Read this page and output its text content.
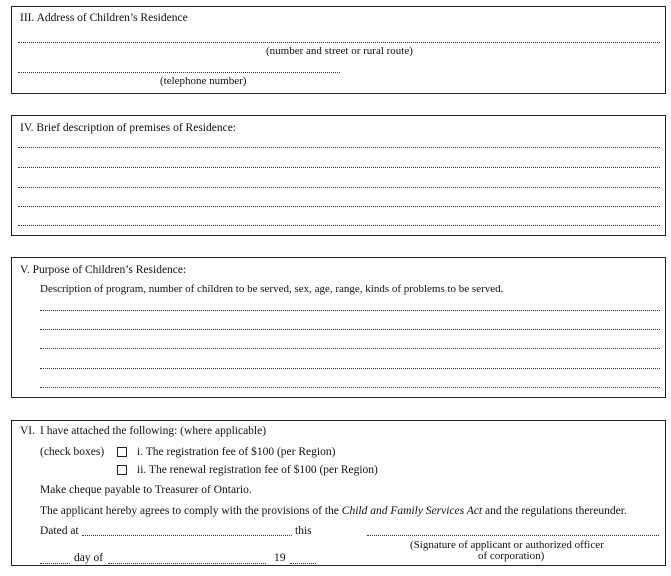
III. Address of Children’s Residence
(number and street or rural route)
(telephone number)
IV. Brief description of premises of Residence:
V. Purpose of Children’s Residence:
Description of program, number of children to be served, sex, age, range, kinds of problems to be served.
VI. I have attached the following: (where applicable)
(check boxes)	i. The registration fee of $100 (per Region)
ii. The renewal registration fee of $100 (per Region)
Make cheque payable to Treasurer of Ontario.
The applicant hereby agrees to comply with the provisions of the Child and Family Services Act and the regulations thereunder.
Dated at	this
(Signature of applicant or authorized officer
of corporation)
day of	19
